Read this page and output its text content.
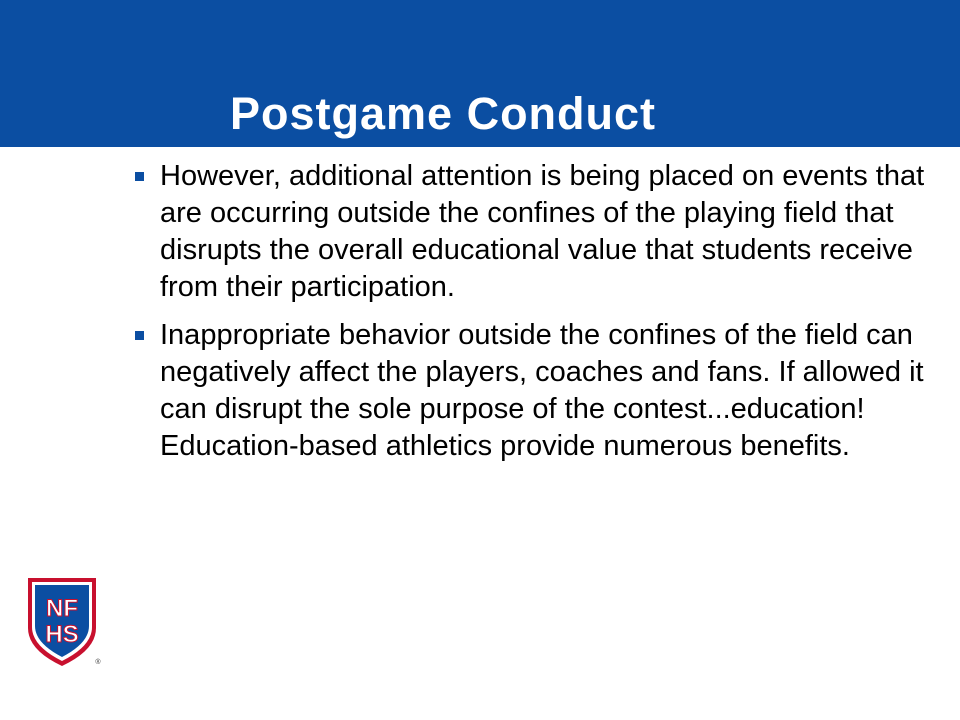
Postgame Conduct
However, additional attention is being placed on events that are occurring outside the confines of the playing field that disrupts the overall educational value that students receive from their participation.
Inappropriate behavior outside the confines of the field can negatively affect the players, coaches and fans. If allowed it can disrupt the sole purpose of the contest...education! Education-based athletics provide numerous benefits.
NF
HS
®
